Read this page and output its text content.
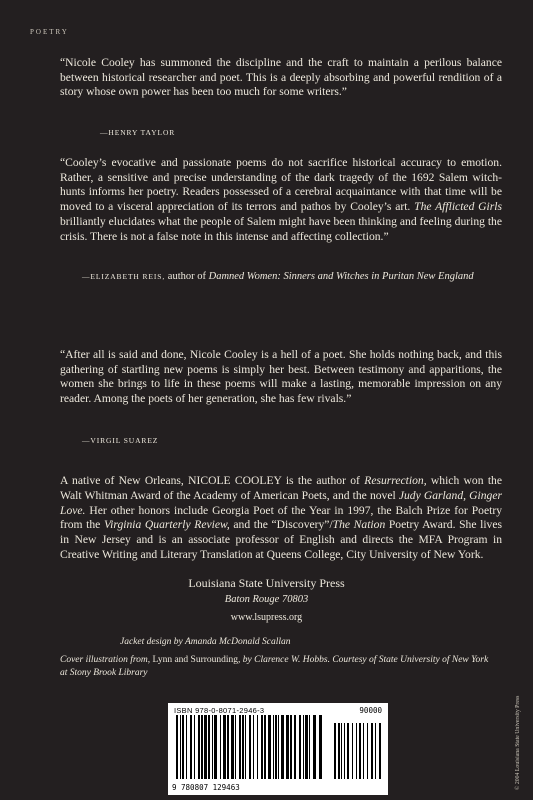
POETRY

“Nicole Cooley has summoned the discipline and the craft to maintain a perilous balance between historical researcher and poet. This is a deeply absorbing and powerful rendition of a story whose own power has been too much for some writers.”

—HENRY TAYLOR

“Cooley’s evocative and passionate poems do not sacrifice historical accuracy to emotion. Rather, a sensitive and precise understanding of the dark tragedy of the 1692 Salem witch-hunts informs her poetry. Readers possessed of a cerebral acquaintance with that time will be moved to a visceral appreciation of its terrors and pathos by Cooley’s art. The Afflicted Girls brilliantly elucidates what the people of Salem might have been thinking and feeling during the crisis. There is not a false note in this intense and affecting collection.”

—ELIZABETH REIS, author of Damned Women: Sinners and Witches in Puritan New England

“After all is said and done, Nicole Cooley is a hell of a poet. She holds nothing back, and this gathering of startling new poems is simply her best. Between testimony and apparitions, the women she brings to life in these poems will make a lasting, memorable impression on any reader. Among the poets of her generation, she has few rivals.”

—VIRGIL SUAREZ

A native of New Orleans, NICOLE COOLEY is the author of Resurrection, which won the Walt Whitman Award of the Academy of American Poets, and the novel Judy Garland, Ginger Love. Her other honors include Georgia Poet of the Year in 1997, the Balch Prize for Poetry from the Virginia Quarterly Review, and the “Discovery”/The Nation Poetry Award. She lives in New Jersey and is an associate professor of English and directs the MFA Program in Creative Writing and Literary Translation at Queens College, City University of New York.

Louisiana State University Press
Baton Rouge 70803
www.lsupress.org
Jacket design by Amanda McDonald Scallan
Cover illustration from, Lynn and Surrounding, by Clarence W. Hobbs. Courtesy of State University of New York at Stony Brook Library
ISBN 978-0-8071-2946-3	90000
9 780807 129463	© 2004 Louisiana State University Press
